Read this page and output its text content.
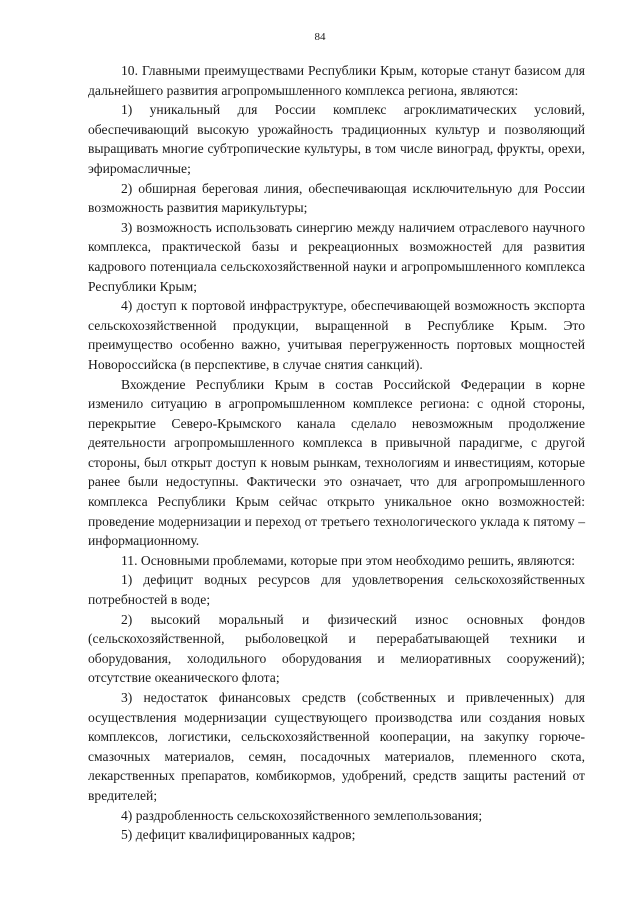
84

10. Главными преимуществами Республики Крым, которые станут базисом для дальнейшего развития агропромышленного комплекса региона, являются:

1) уникальный для России комплекс агроклиматических условий, обеспечивающий высокую урожайность традиционных культур и позволяющий выращивать многие субтропические культуры, в том числе виноград, фрукты, орехи, эфиромасличные;

2) обширная береговая линия, обеспечивающая исключительную для России возможность развития марикультуры;

3) возможность использовать синергию между наличием отраслевого научного комплекса, практической базы и рекреационных возможностей для развития кадрового потенциала сельскохозяйственной науки и агропромышленного комплекса Республики Крым;

4) доступ к портовой инфраструктуре, обеспечивающей возможность экспорта сельскохозяйственной продукции, выращенной в Республике Крым. Это преимущество особенно важно, учитывая перегруженность портовых мощностей Новороссийска (в перспективе, в случае снятия санкций).

Вхождение Республики Крым в состав Российской Федерации в корне изменило ситуацию в агропромышленном комплексе региона: с одной стороны, перекрытие Северо-Крымского канала сделало невозможным продолжение деятельности агропромышленного комплекса в привычной парадигме, с другой стороны, был открыт доступ к новым рынкам, технологиям и инвестициям, которые ранее были недоступны. Фактически это означает, что для агропромышленного комплекса Республики Крым сейчас открыто уникальное окно возможностей: проведение модернизации и переход от третьего технологического уклада к пятому – информационному.

11. Основными проблемами, которые при этом необходимо решить, являются:

1) дефицит водных ресурсов для удовлетворения сельскохозяйственных потребностей в воде;

2) высокий моральный и физический износ основных фондов (сельскохозяйственной, рыболовецкой и перерабатывающей техники и оборудования, холодильного оборудования и мелиоративных сооружений); отсутствие океанического флота;

3) недостаток финансовых средств (собственных и привлеченных) для осуществления модернизации существующего производства или создания новых комплексов, логистики, сельскохозяйственной кооперации, на закупку горюче-смазочных материалов, семян, посадочных материалов, племенного скота, лекарственных препаратов, комбикормов, удобрений, средств защиты растений от вредителей;

4) раздробленность сельскохозяйственного землепользования;

5) дефицит квалифицированных кадров;
